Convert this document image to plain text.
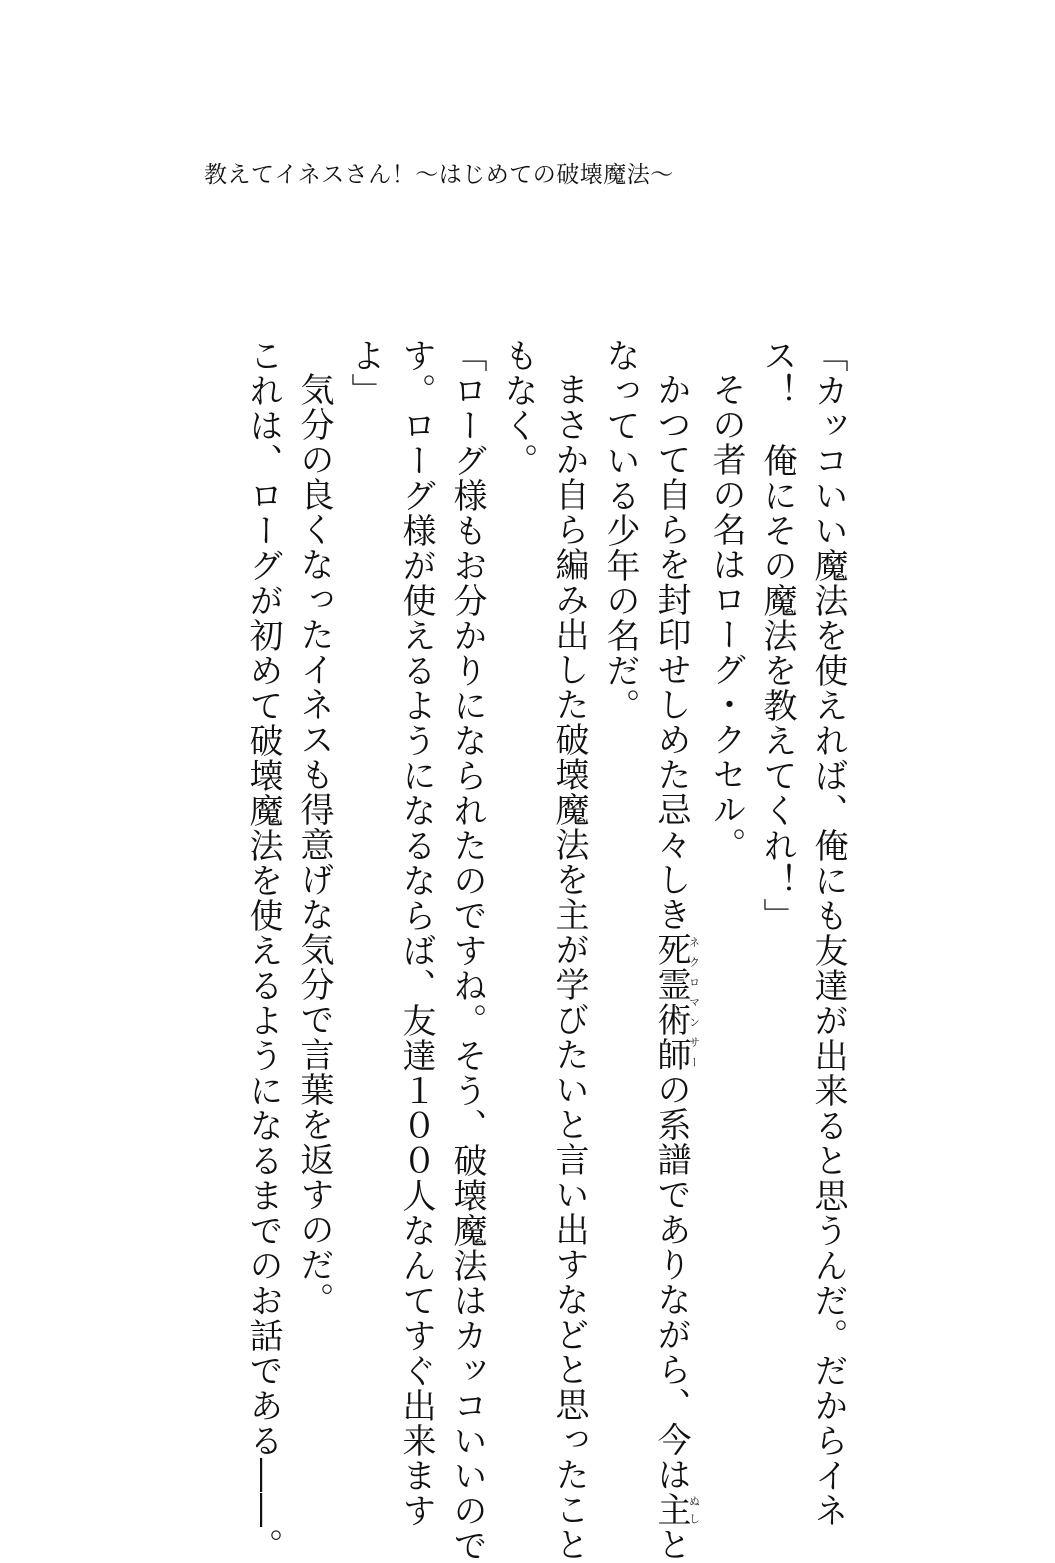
教えてイネスさん！～はじめての破壊魔法～

「カッコいい魔法を使えれば、俺にも友達が出来ると思うんだ。だからイネ

ス！　俺にその魔法を教えてくれ！」

その者の名はローグ・クセル。

かつて自らを封印せしめた忌々しき死霊術師ネクロマンサーの系譜でありながら、今は主ぬしと

なっている少年の名だ。

まさか自ら編み出した破壊魔法を主が学びたいと言い出すなどと思ったこと

もなく。

「ローグ様もお分かりになられたのですね。そう、破壊魔法はカッコいいので

す。ローグ様が使えるようになるならば、友達１００人なんてすぐ出来ます

よ」

気分の良くなったイネスも得意げな気分で言葉を返すのだ。

これは、ローグが初めて破壊魔法を使えるようになるまでのお話である――。
